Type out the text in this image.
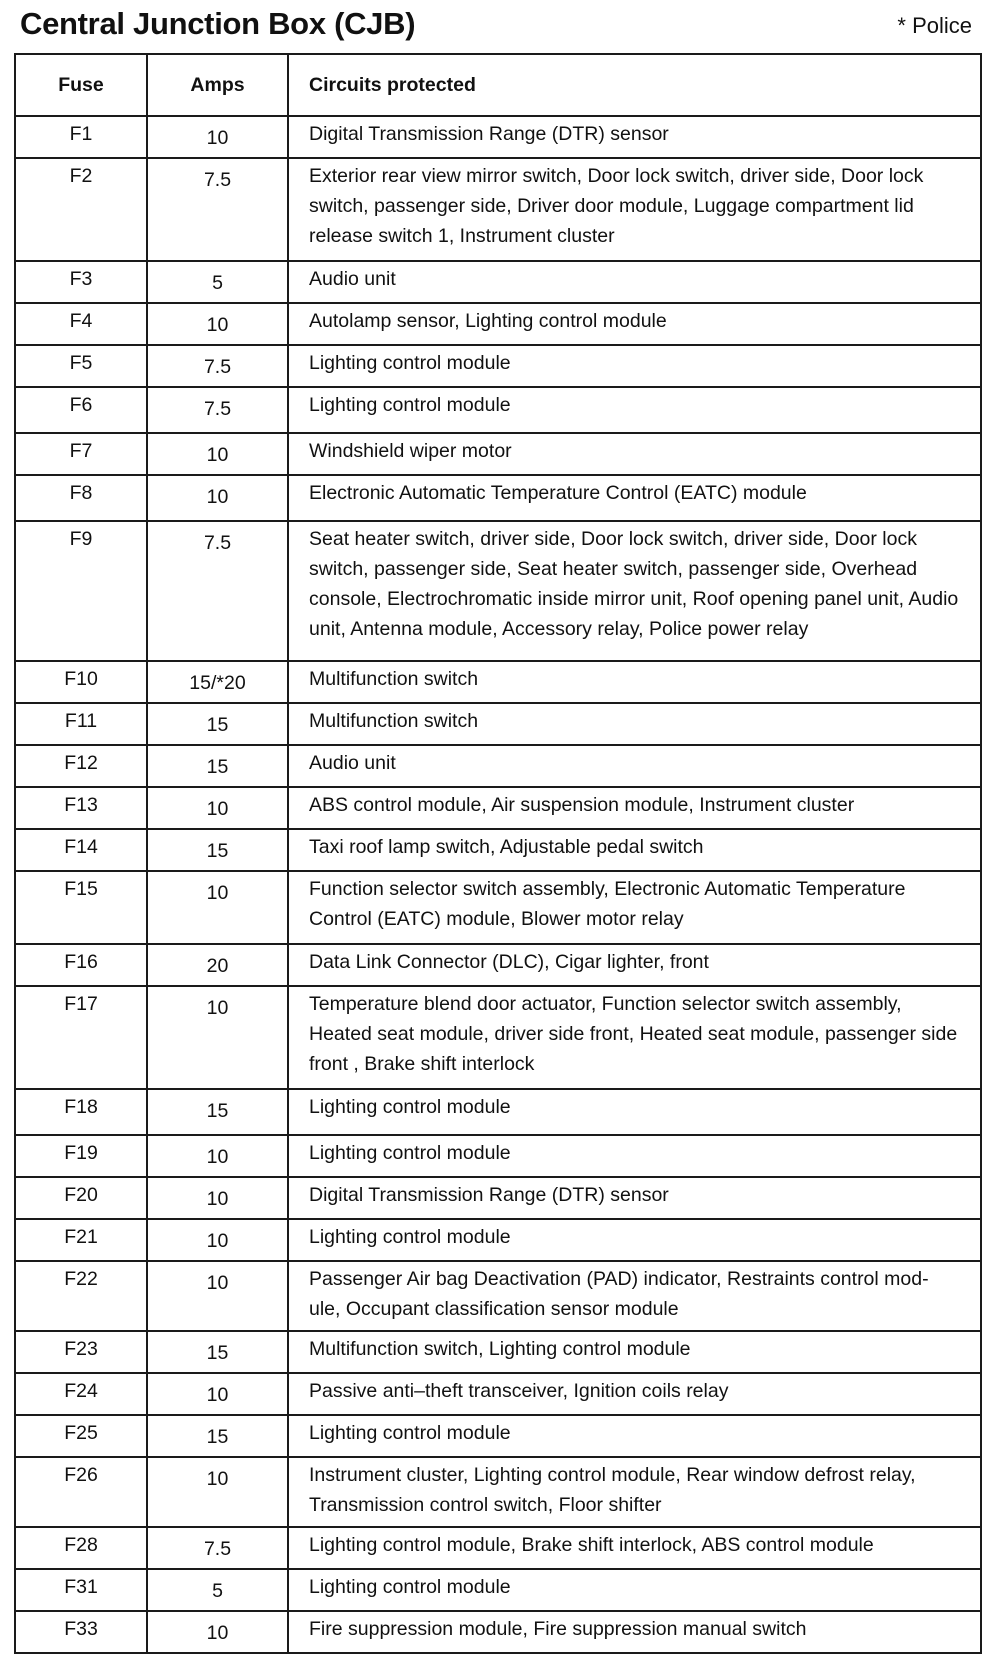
Central Junction Box (CJB)	* Police
Fuse	Amps	Circuits protected
F1	10	Digital Transmission Range (DTR) sensor
F2	7.5	Exterior rear view mirror switch, Door lock switch, driver side, Door lock switch, passenger side, Driver door module, Luggage compartment lid release switch 1, Instrument cluster
F3	5	Audio unit
F4	10	Autolamp sensor, Lighting control module
F5	7.5	Lighting control module
F6	7.5	Lighting control module
F7	10	Windshield wiper motor
F8	10	Electronic Automatic Temperature Control (EATC) module
F9	7.5	Seat heater switch, driver side, Door lock switch, driver side, Door lock switch, passenger side, Seat heater switch, passenger side, Overhead console, Electrochromatic inside mirror unit, Roof opening panel unit, Audio unit, Antenna module, Accessory relay, Police power relay
F10	15/*20	Multifunction switch
F11	15	Multifunction switch
F12	15	Audio unit
F13	10	ABS control module, Air suspension module, Instrument cluster
F14	15	Taxi roof lamp switch, Adjustable pedal switch
F15	10	Function selector switch assembly, Electronic Automatic Temperature Control (EATC) module, Blower motor relay
F16	20	Data Link Connector (DLC), Cigar lighter, front
F17	10	Temperature blend door actuator, Function selector switch assembly, Heated seat module, driver side front, Heated seat module, passenger side front , Brake shift interlock
F18	15	Lighting control module
F19	10	Lighting control module
F20	10	Digital Transmission Range (DTR) sensor
F21	10	Lighting control module
F22	10	Passenger Air bag Deactivation (PAD) indicator, Restraints control mod-ule, Occupant classification sensor module
F23	15	Multifunction switch, Lighting control module
F24	10	Passive anti–theft transceiver, Ignition coils relay
F25	15	Lighting control module
F26	10	Instrument cluster, Lighting control module, Rear window defrost relay, Transmission control switch, Floor shifter
F28	7.5	Lighting control module, Brake shift interlock, ABS control module
F31	5	Lighting control module
F33	10	Fire suppression module, Fire suppression manual switch
